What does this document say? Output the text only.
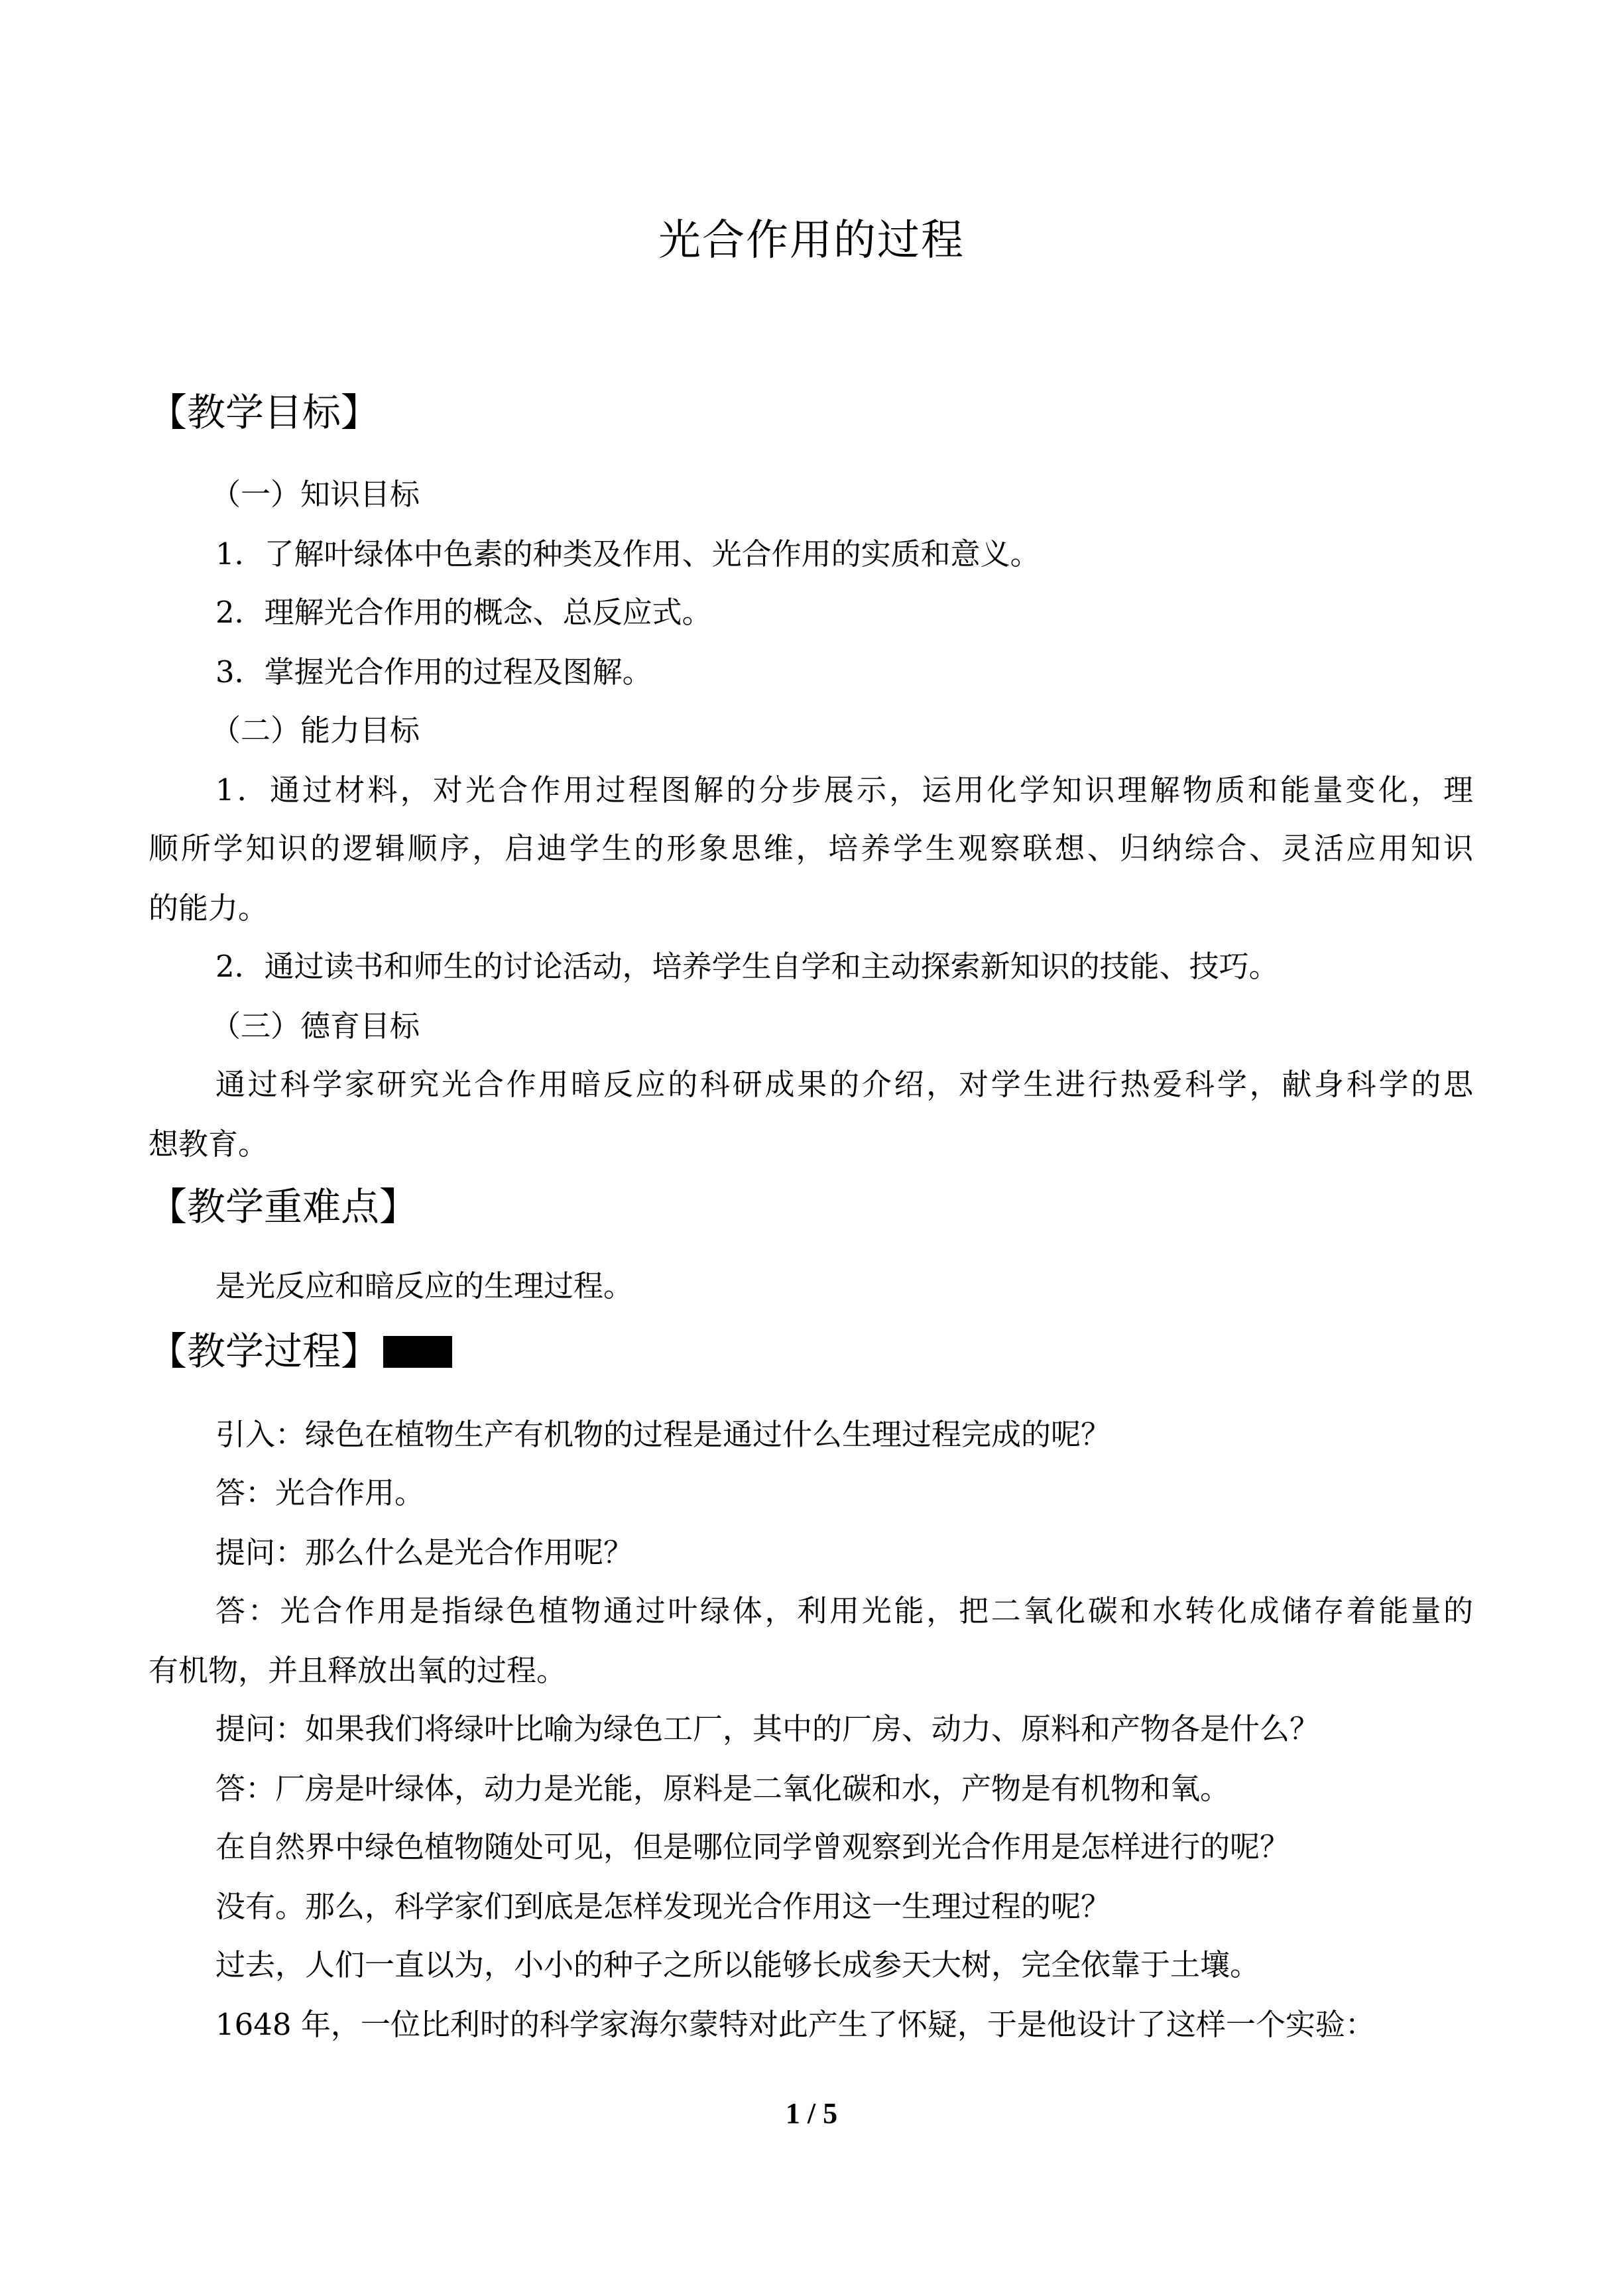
光合作用的过程
【教学目标】
（一）知识目标
1．了解叶绿体中色素的种类及作用、光合作用的实质和意义。
2．理解光合作用的概念、总反应式。
3．掌握光合作用的过程及图解。
（二）能力目标
1．通过材料，对光合作用过程图解的分步展示，运用化学知识理解物质和能量变化，理
顺所学知识的逻辑顺序，启迪学生的形象思维，培养学生观察联想、归纳综合、灵活应用知识
的能力。
2．通过读书和师生的讨论活动，培养学生自学和主动探索新知识的技能、技巧。
（三）德育目标
通过科学家研究光合作用暗反应的科研成果的介绍，对学生进行热爱科学，献身科学的思
想教育。
【教学重难点】
是光反应和暗反应的生理过程。
【教学过程】
引入：绿色在植物生产有机物的过程是通过什么生理过程完成的呢？
答：光合作用。
提问：那么什么是光合作用呢？
答：光合作用是指绿色植物通过叶绿体，利用光能，把二氧化碳和水转化成储存着能量的
有机物，并且释放出氧的过程。
提问：如果我们将绿叶比喻为绿色工厂，其中的厂房、动力、原料和产物各是什么？
答：厂房是叶绿体，动力是光能，原料是二氧化碳和水，产物是有机物和氧。
在自然界中绿色植物随处可见，但是哪位同学曾观察到光合作用是怎样进行的呢？
没有。那么，科学家们到底是怎样发现光合作用这一生理过程的呢？
过去，人们一直以为，小小的种子之所以能够长成参天大树，完全依靠于土壤。
1648 年，一位比利时的科学家海尔蒙特对此产生了怀疑，于是他设计了这样一个实验：
1 / 5
